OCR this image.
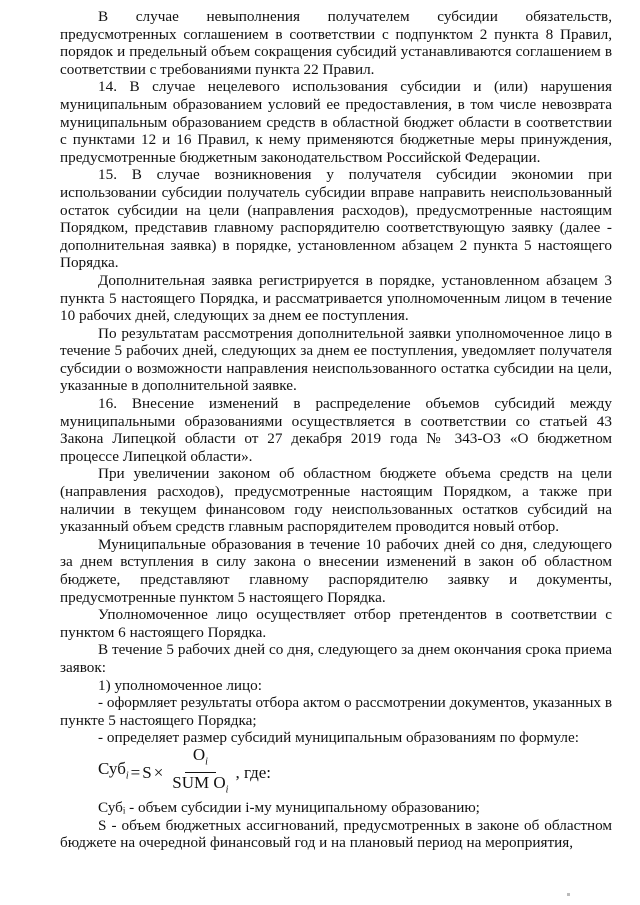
В случае невыполнения получателем субсидии обязательств, предусмотренных соглашением в соответствии с подпунктом 2 пункта 8 Правил, порядок и предельный объем сокращения субсидий устанавливаются соглашением в соответствии с требованиями пункта 22 Правил.

14. В случае нецелевого использования субсидии и (или) нарушения муниципальным образованием условий ее предоставления, в том числе невозврата муниципальным образованием средств в областной бюджет области в соответствии с пунктами 12 и 16 Правил, к нему применяются бюджетные меры принуждения, предусмотренные бюджетным законодательством Российской Федерации.

15. В случае возникновения у получателя субсидии экономии при использовании субсидии получатель субсидии вправе направить неиспользованный остаток субсидии на цели (направления расходов), предусмотренные настоящим Порядком, представив главному распорядителю соответствующую заявку (далее - дополнительная заявка) в порядке, установленном абзацем 2 пункта 5 настоящего Порядка.

Дополнительная заявка регистрируется в порядке, установленном абзацем 3 пункта 5 настоящего Порядка, и рассматривается уполномоченным лицом в течение 10 рабочих дней, следующих за днем ее поступления.

По результатам рассмотрения дополнительной заявки уполномоченное лицо в течение 5 рабочих дней, следующих за днем ее поступления, уведомляет получателя субсидии о возможности направления неиспользованного остатка субсидии на цели, указанные в дополнительной заявке.

16. Внесение изменений в распределение объемов субсидий между муниципальными образованиями осуществляется в соответствии со статьей 43 Закона Липецкой области от 27 декабря 2019 года № 343-ОЗ «О бюджетном процессе Липецкой области».

При увеличении законом об областном бюджете объема средств на цели (направления расходов), предусмотренные настоящим Порядком, а также при наличии в текущем финансовом году неиспользованных остатков субсидий на указанный объем средств главным распорядителем проводится новый отбор.

Муниципальные образования в течение 10 рабочих дней со дня, следующего за днем вступления в силу закона о внесении изменений в закон об областном бюджете, представляют главному распорядителю заявку и документы, предусмотренные пунктом 5 настоящего Порядка.

Уполномоченное лицо осуществляет отбор претендентов в соответствии с пунктом 6 настоящего Порядка.

В течение 5 рабочих дней со дня, следующего за днем окончания срока приема заявок:

1) уполномоченное лицо:

- оформляет результаты отбора актом о рассмотрении документов, указанных в пункте 5 настоящего Порядка;

- определяет размер субсидий муниципальным образованиям по формуле:

$Суб_i = S \times \frac{O_i}{SUM O_i}$ , где:

Субᵢ - объем субсидии i-му муниципальному образованию;

S - объем бюджетных ассигнований, предусмотренных в законе об областном бюджете на очередной финансовый год и на плановый период на мероприятия,
